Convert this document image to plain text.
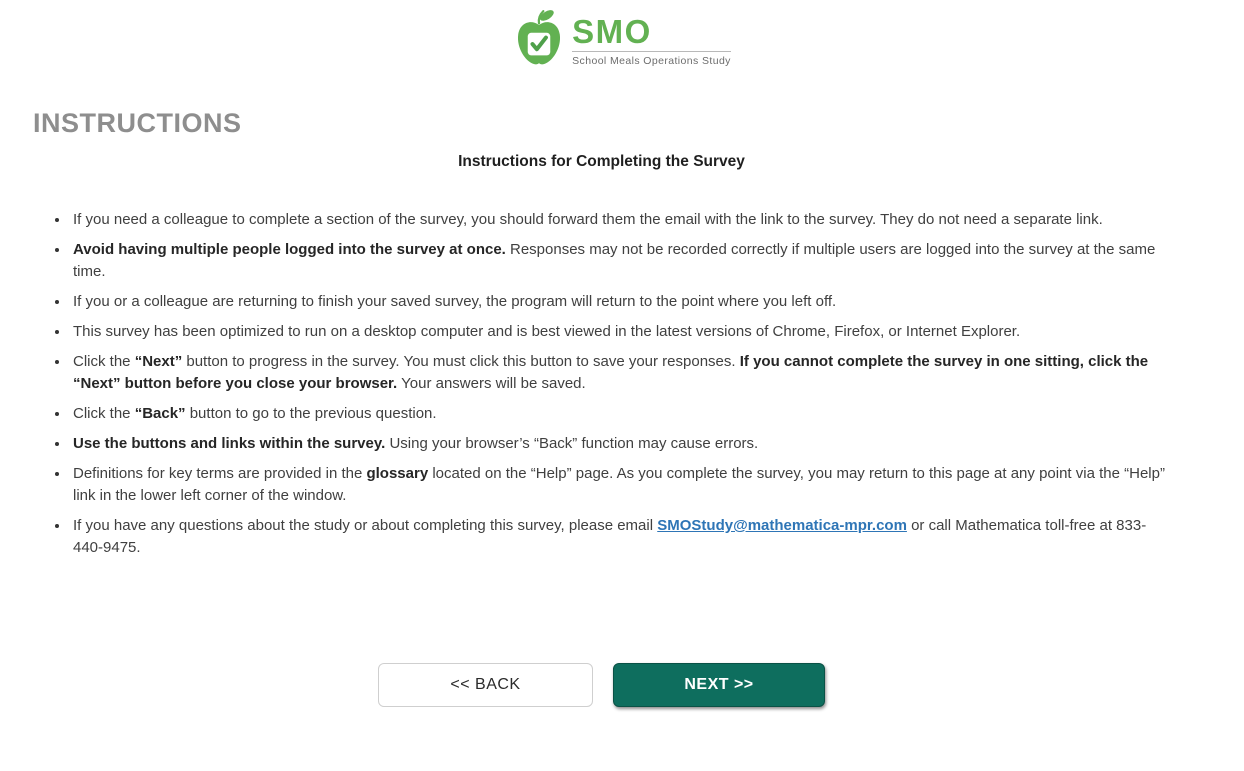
SMO
School Meals Operations Study
INSTRUCTIONS
Instructions for Completing the Survey
• If you need a colleague to complete a section of the survey, you should forward them the email with the link to the survey. They do not need a separate link.
• Avoid having multiple people logged into the survey at once. Responses may not be recorded correctly if multiple users are logged into the survey at the same time.
• If you or a colleague are returning to finish your saved survey, the program will return to the point where you left off.
• This survey has been optimized to run on a desktop computer and is best viewed in the latest versions of Chrome, Firefox, or Internet Explorer.
• Click the “Next” button to progress in the survey. You must click this button to save your responses. If you cannot complete the survey in one sitting, click the “Next” button before you close your browser. Your answers will be saved.
• Click the “Back” button to go to the previous question.
• Use the buttons and links within the survey. Using your browser’s “Back” function may cause errors.
• Definitions for key terms are provided in the glossary located on the “Help” page. As you complete the survey, you may return to this page at any point via the “Help” link in the lower left corner of the window.
• If you have any questions about the study or about completing this survey, please email SMOStudy@mathematica-mpr.com or call Mathematica toll-free at 833-440-9475.
<< BACK	NEXT >>
